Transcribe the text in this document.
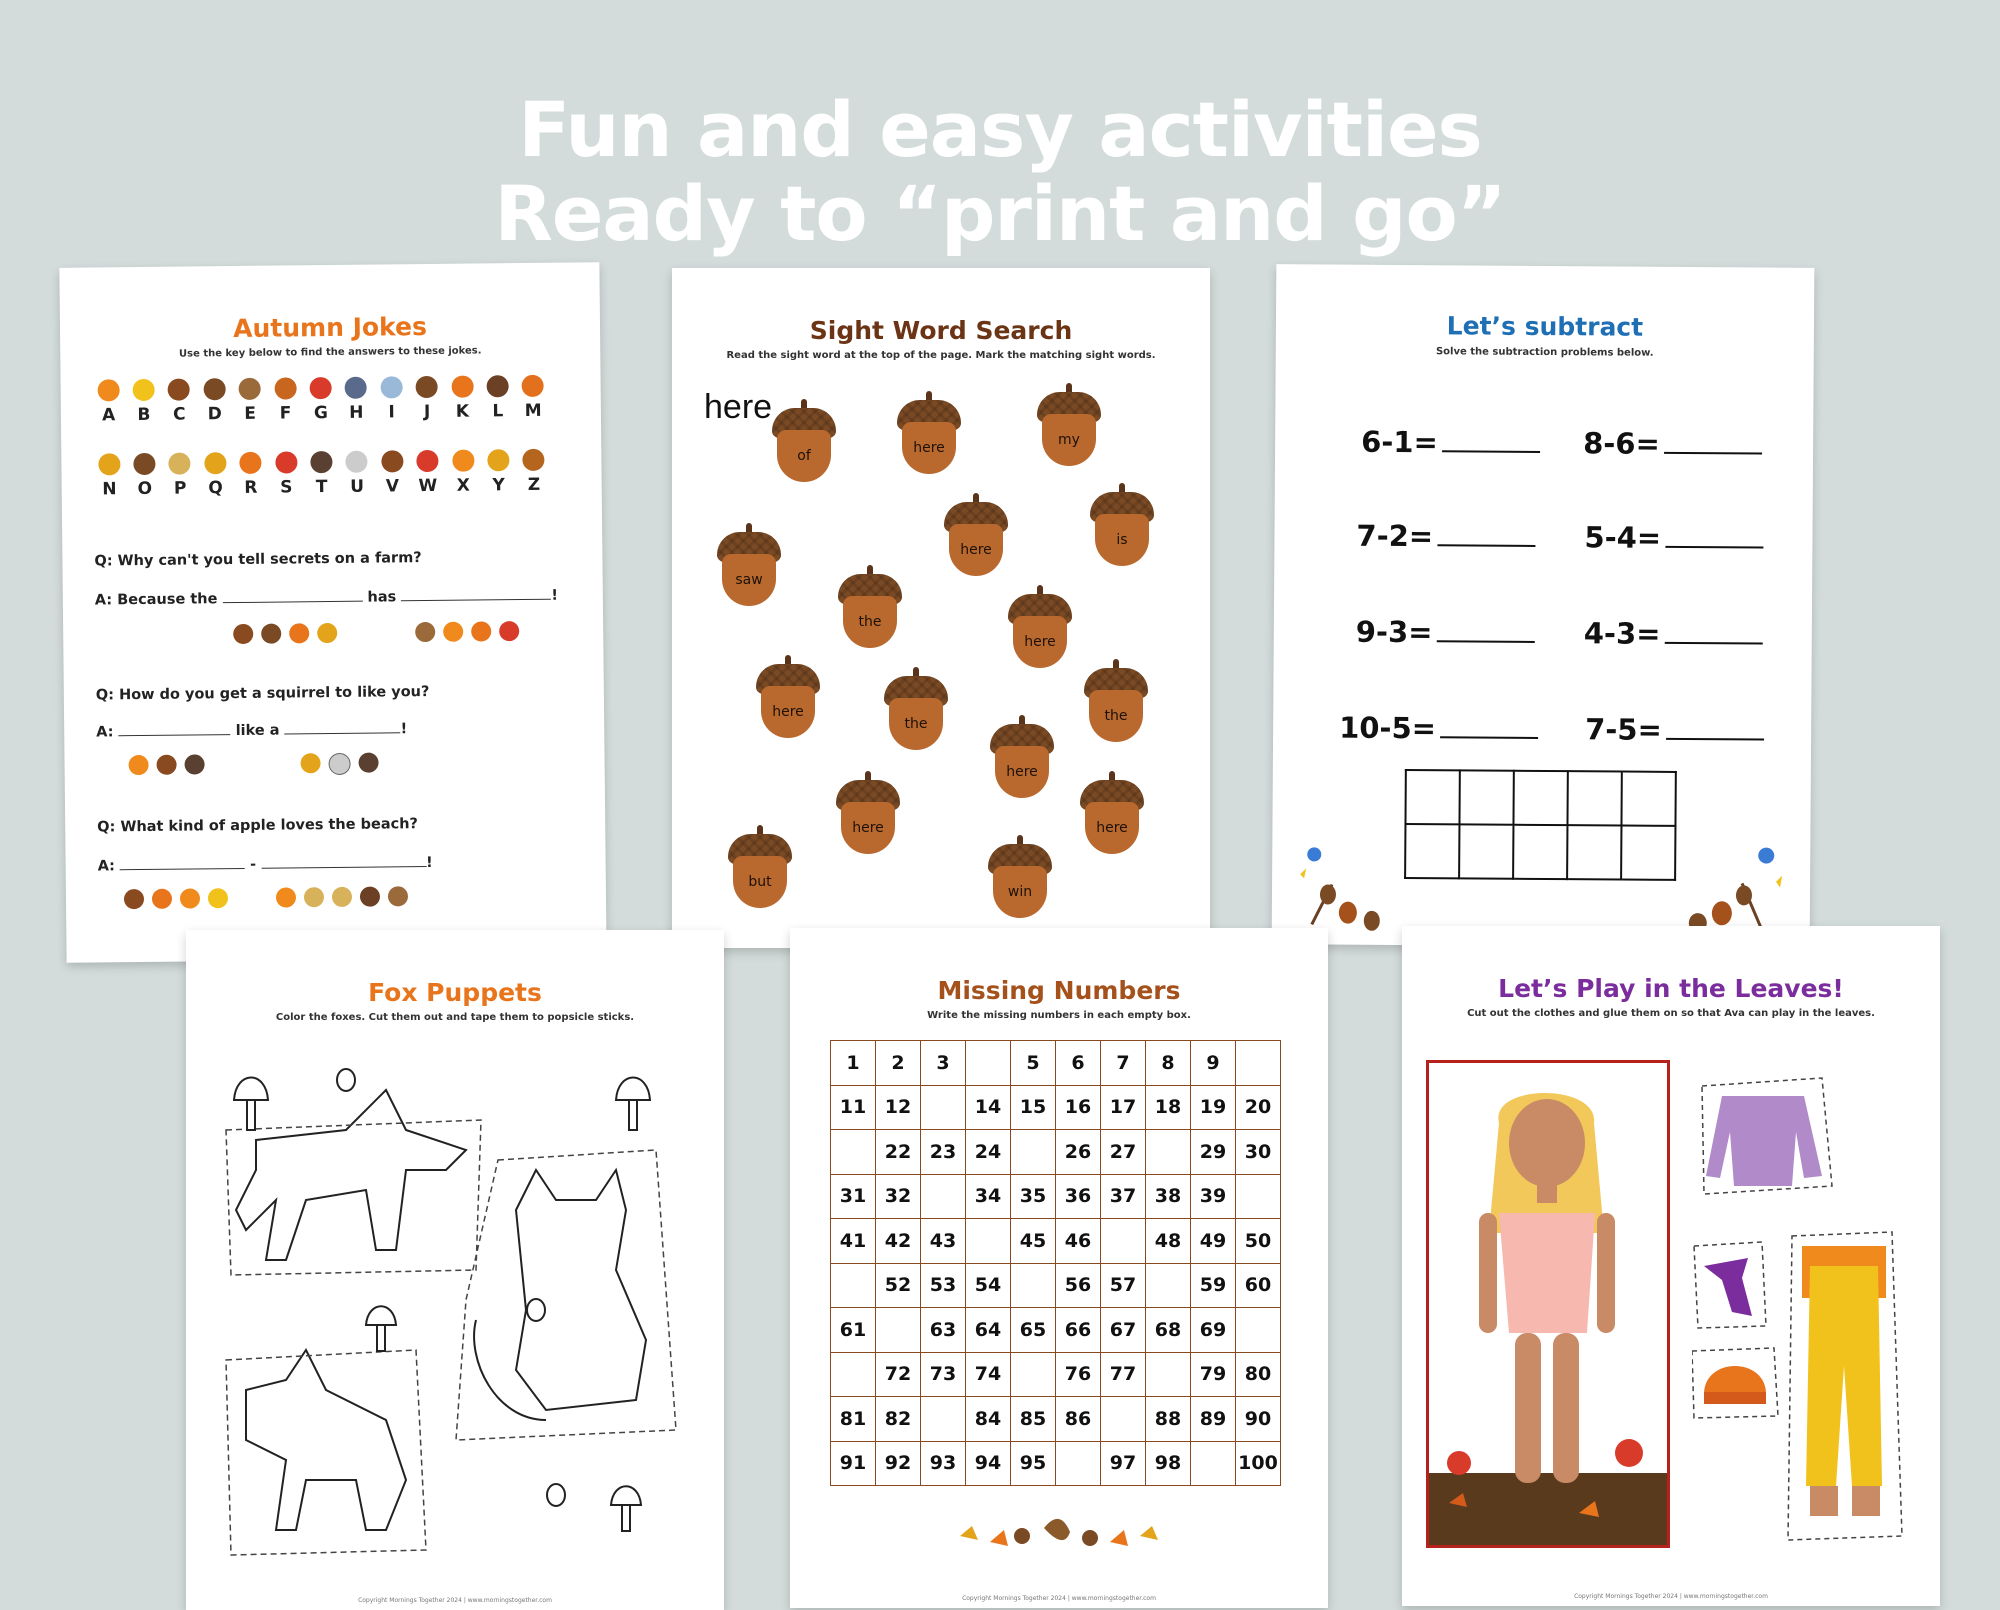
Fun and easy activities
Ready to “print and go”
Autumn Jokes
Use the key below to find the answers to these jokes.
A B C D E F G H I J K L M
N O P Q R S T U V W X Y Z
Q: Why can't you tell secrets on a farm?
A: Because the	has	!
Q: How do you get a squirrel to like you?
A:	like a	!
Q: What kind of apple loves the beach?
A:	-	!
Sight Word Search
Read the sight word at the top of the page. Mark the matching sight words.
here
of	here	my
saw
here
is
the
here
here
the	the
here
here	here
but
win
Let’s subtract
Solve the subtraction problems below.
6-1=	8-6=
7-2=	5-4=
9-3=	4-3=
10-5=	7-5=

Fox Puppets
Color the foxes. Cut them out and tape them to popsicle sticks.
Copyright Mornings Together 2024 | www.morningstogether.com
Missing Numbers
Write the missing numbers in each empty box.
1	2	3		5	6	7	8	9	
11	12		14	15	16	17	18	19	20
	22	23	24		26	27		29	30
31	32		34	35	36	37	38	39	
41	42	43		45	46		48	49	50
	52	53	54		56	57		59	60
61		63	64	65	66	67	68	69	
	72	73	74		76	77		79	80
81	82		84	85	86		88	89	90
91	92	93	94	95		97	98		100
Copyright Mornings Together 2024 | www.morningstogether.com
Let’s Play in the Leaves!
Cut out the clothes and glue them on so that Ava can play in the leaves.
Copyright Mornings Together 2024 | www.morningstogether.com
